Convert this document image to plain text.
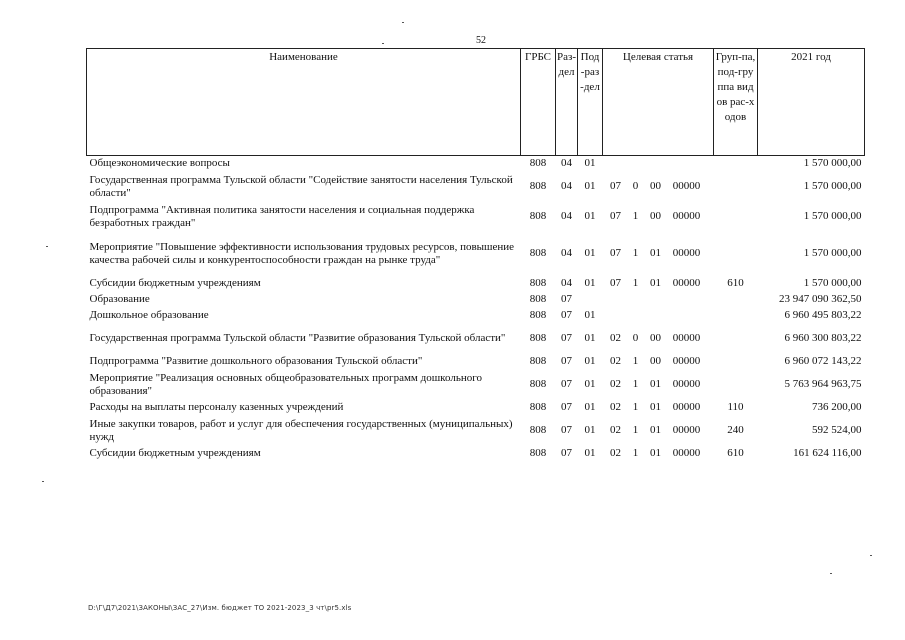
52
Наименование	ГРБС	Раз-дел	Под-раз-дел	Целевая статья	Груп-па, под-группа видов рас-ходов	2021 год
Общеэкономические вопросы	808	04	01			1 570 000,00
Государственная программа Тульской области "Содействие занятости населения Тульской области"	808	04	01	07 0 00 00000		1 570 000,00
Подпрограмма "Активная политика занятости населения и социальная поддержка безработных граждан"	808	04	01	07 1 00 00000		1 570 000,00
Мероприятие "Повышение эффективности использования трудовых ресурсов, повышение качества рабочей силы и конкурентоспособности граждан на рынке труда"	808	04	01	07 1 01 00000		1 570 000,00
Субсидии бюджетным учреждениям	808	04	01	07 1 01 00000	610	1 570 000,00
Образование	808	07				23 947 090 362,50
Дошкольное образование	808	07	01			6 960 495 803,22
Государственная программа Тульской области "Развитие образования Тульской области"	808	07	01	02 0 00 00000		6 960 300 803,22
Подпрограмма "Развитие дошкольного образования Тульской области"	808	07	01	02 1 00 00000		6 960 072 143,22
Мероприятие "Реализация основных общеобразовательных программ дошкольного образования"	808	07	01	02 1 01 00000		5 763 964 963,75
Расходы на выплаты персоналу казенных учреждений	808	07	01	02 1 01 00000	110	736 200,00
Иные закупки товаров, работ и услуг для обеспечения государственных (муниципальных) нужд	808	07	01	02 1 01 00000	240	592 524,00
Субсидии бюджетным учреждениям	808	07	01	02 1 01 00000	610	161 624 116,00
D:\Г\Д7\2021\ЗАКОНЫ\ЗАС_27\Изм. бюджет ТО 2021-2023_3 чт\pr5.xls
